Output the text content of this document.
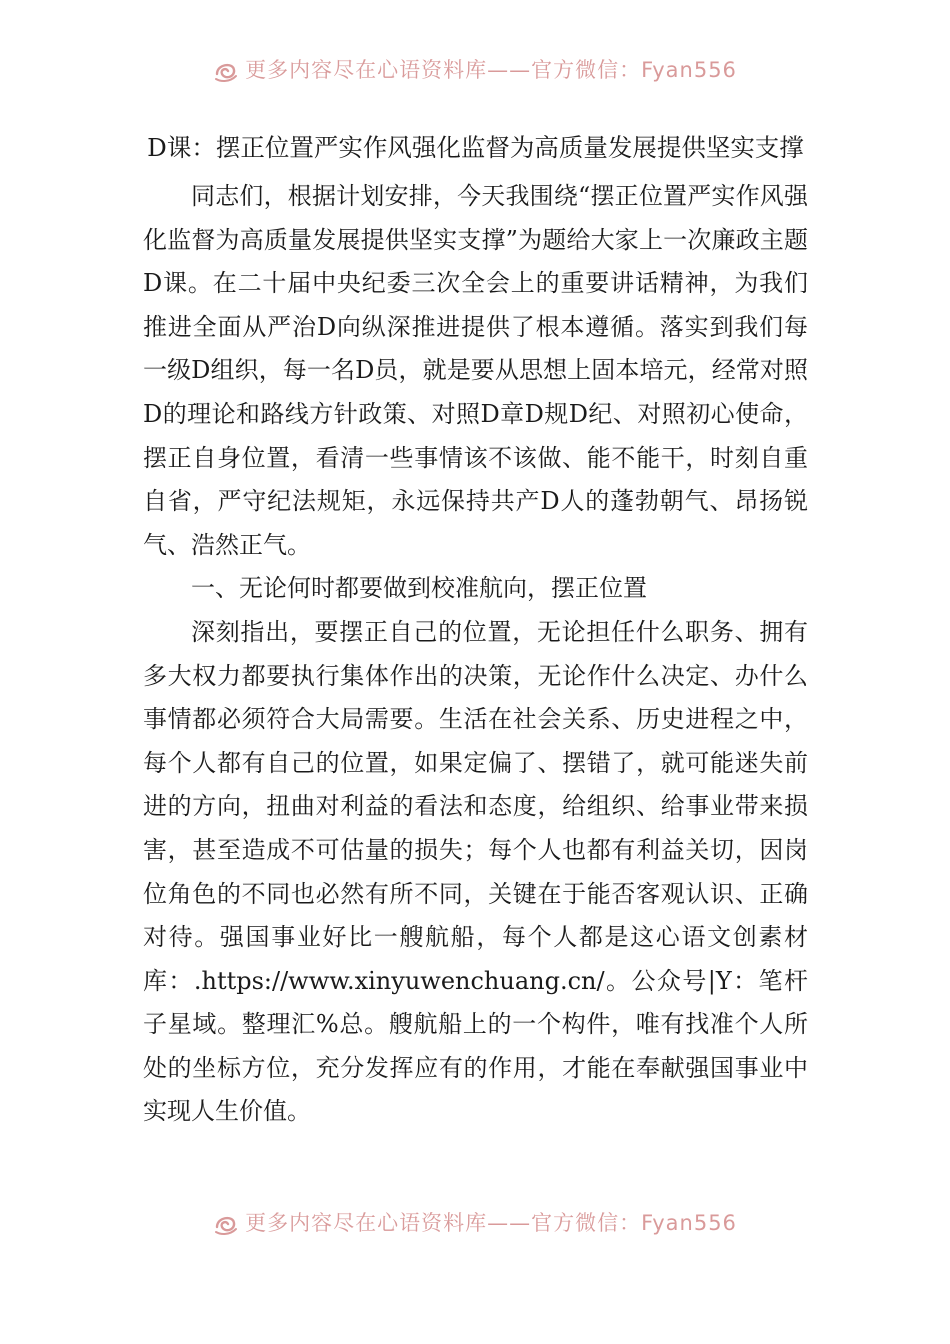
更多内容尽在心语资料库——官方微信：Fyan556
D课：摆正位置严实作风强化监督为高质量发展提供坚实支撑

同志们，根据计划安排，今天我围绕“摆正位置严实作风强化监督为高质量发展提供坚实支撑”为题给大家上一次廉政主题D课。在二十届中央纪委三次全会上的重要讲话精神，为我们推进全面从严治D向纵深推进提供了根本遵循。落实到我们每一级D组织，每一名D员，就是要从思想上固本培元，经常对照D的理论和路线方针政策、对照D章D规D纪、对照初心使命，摆正自身位置，看清一些事情该不该做、能不能干，时刻自重自省，严守纪法规矩，永远保持共产D人的蓬勃朝气、昂扬锐气、浩然正气。

一、无论何时都要做到校准航向，摆正位置

深刻指出，要摆正自己的位置，无论担任什么职务、拥有多大权力都要执行集体作出的决策，无论作什么决定、办什么事情都必须符合大局需要。生活在社会关系、历史进程之中，每个人都有自己的位置，如果定偏了、摆错了，就可能迷失前进的方向，扭曲对利益的看法和态度，给组织、给事业带来损害，甚至造成不可估量的损失；每个人也都有利益关切，因岗位角色的不同也必然有所不同，关键在于能否客观认识、正确对待。强国事业好比一艘航船，每个人都是这心语文创素材库：.https://www.xinyuwenchuang.cn/。公众号|Y：笔杆子星域。整理汇%总。艘航船上的一个构件，唯有找准个人所处的坐标方位，充分发挥应有的作用，才能在奉献强国事业中实现人生价值。

更多内容尽在心语资料库——官方微信：Fyan556
